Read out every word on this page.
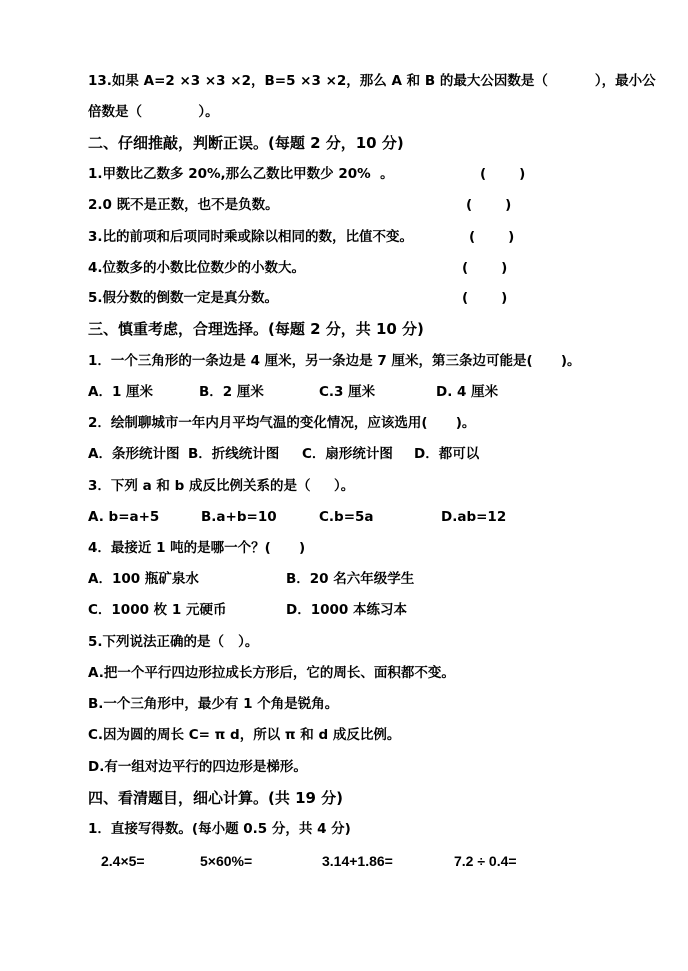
13.如果 A=2 ×3 ×3 ×2，B=5 ×3 ×2，那么 A 和 B 的最大公因数是（          ），最小公
倍数是（            ）。
二、仔细推敲，判断正误。(每题 2 分，10 分)
1.甲数比乙数多 20%,那么乙数比甲数少 20%  。	(       )
2.0 既不是正数，也不是负数。	(       )
3.比的前项和后项同时乘或除以相同的数，比值不变。	(       )
4.位数多的小数比位数少的小数大。	(       )
5.假分数的倒数一定是真分数。	(       )
三、慎重考虑，合理选择。(每题 2 分，共 10 分)
1．一个三角形的一条边是 4 厘米，另一条边是 7 厘米，第三条边可能是(      )。
A．1 厘米	B．2 厘米	C.3 厘米	D. 4 厘米
2．绘制聊城市一年内月平均气温的变化情况，应该选用(      )。
A．条形统计图 B．折线统计图 C．扇形统计图 D．都可以
3．下列 a 和 b 成反比例关系的是（     ）。
A. b=a+5	B.a+b=10	C.b=5a	D.ab=12
4．最接近 1 吨的是哪一个？(      )
A．100 瓶矿泉水	B．20 名六年级学生
C．1000 枚 1 元硬币	D．1000 本练习本
5.下列说法正确的是（   ）。
A.把一个平行四边形拉成长方形后，它的周长、面积都不变。
B.一个三角形中，最少有 1 个角是锐角。
C.因为圆的周长 C= π d，所以 π 和 d 成反比例。
D.有一组对边平行的四边形是梯形。
四、看清题目，细心计算。(共 19 分)
1．直接写得数。(每小题 0.5 分，共 4 分)
2.4×5=	5×60%=	3.14+1.86=	7.2 ÷ 0.4=
